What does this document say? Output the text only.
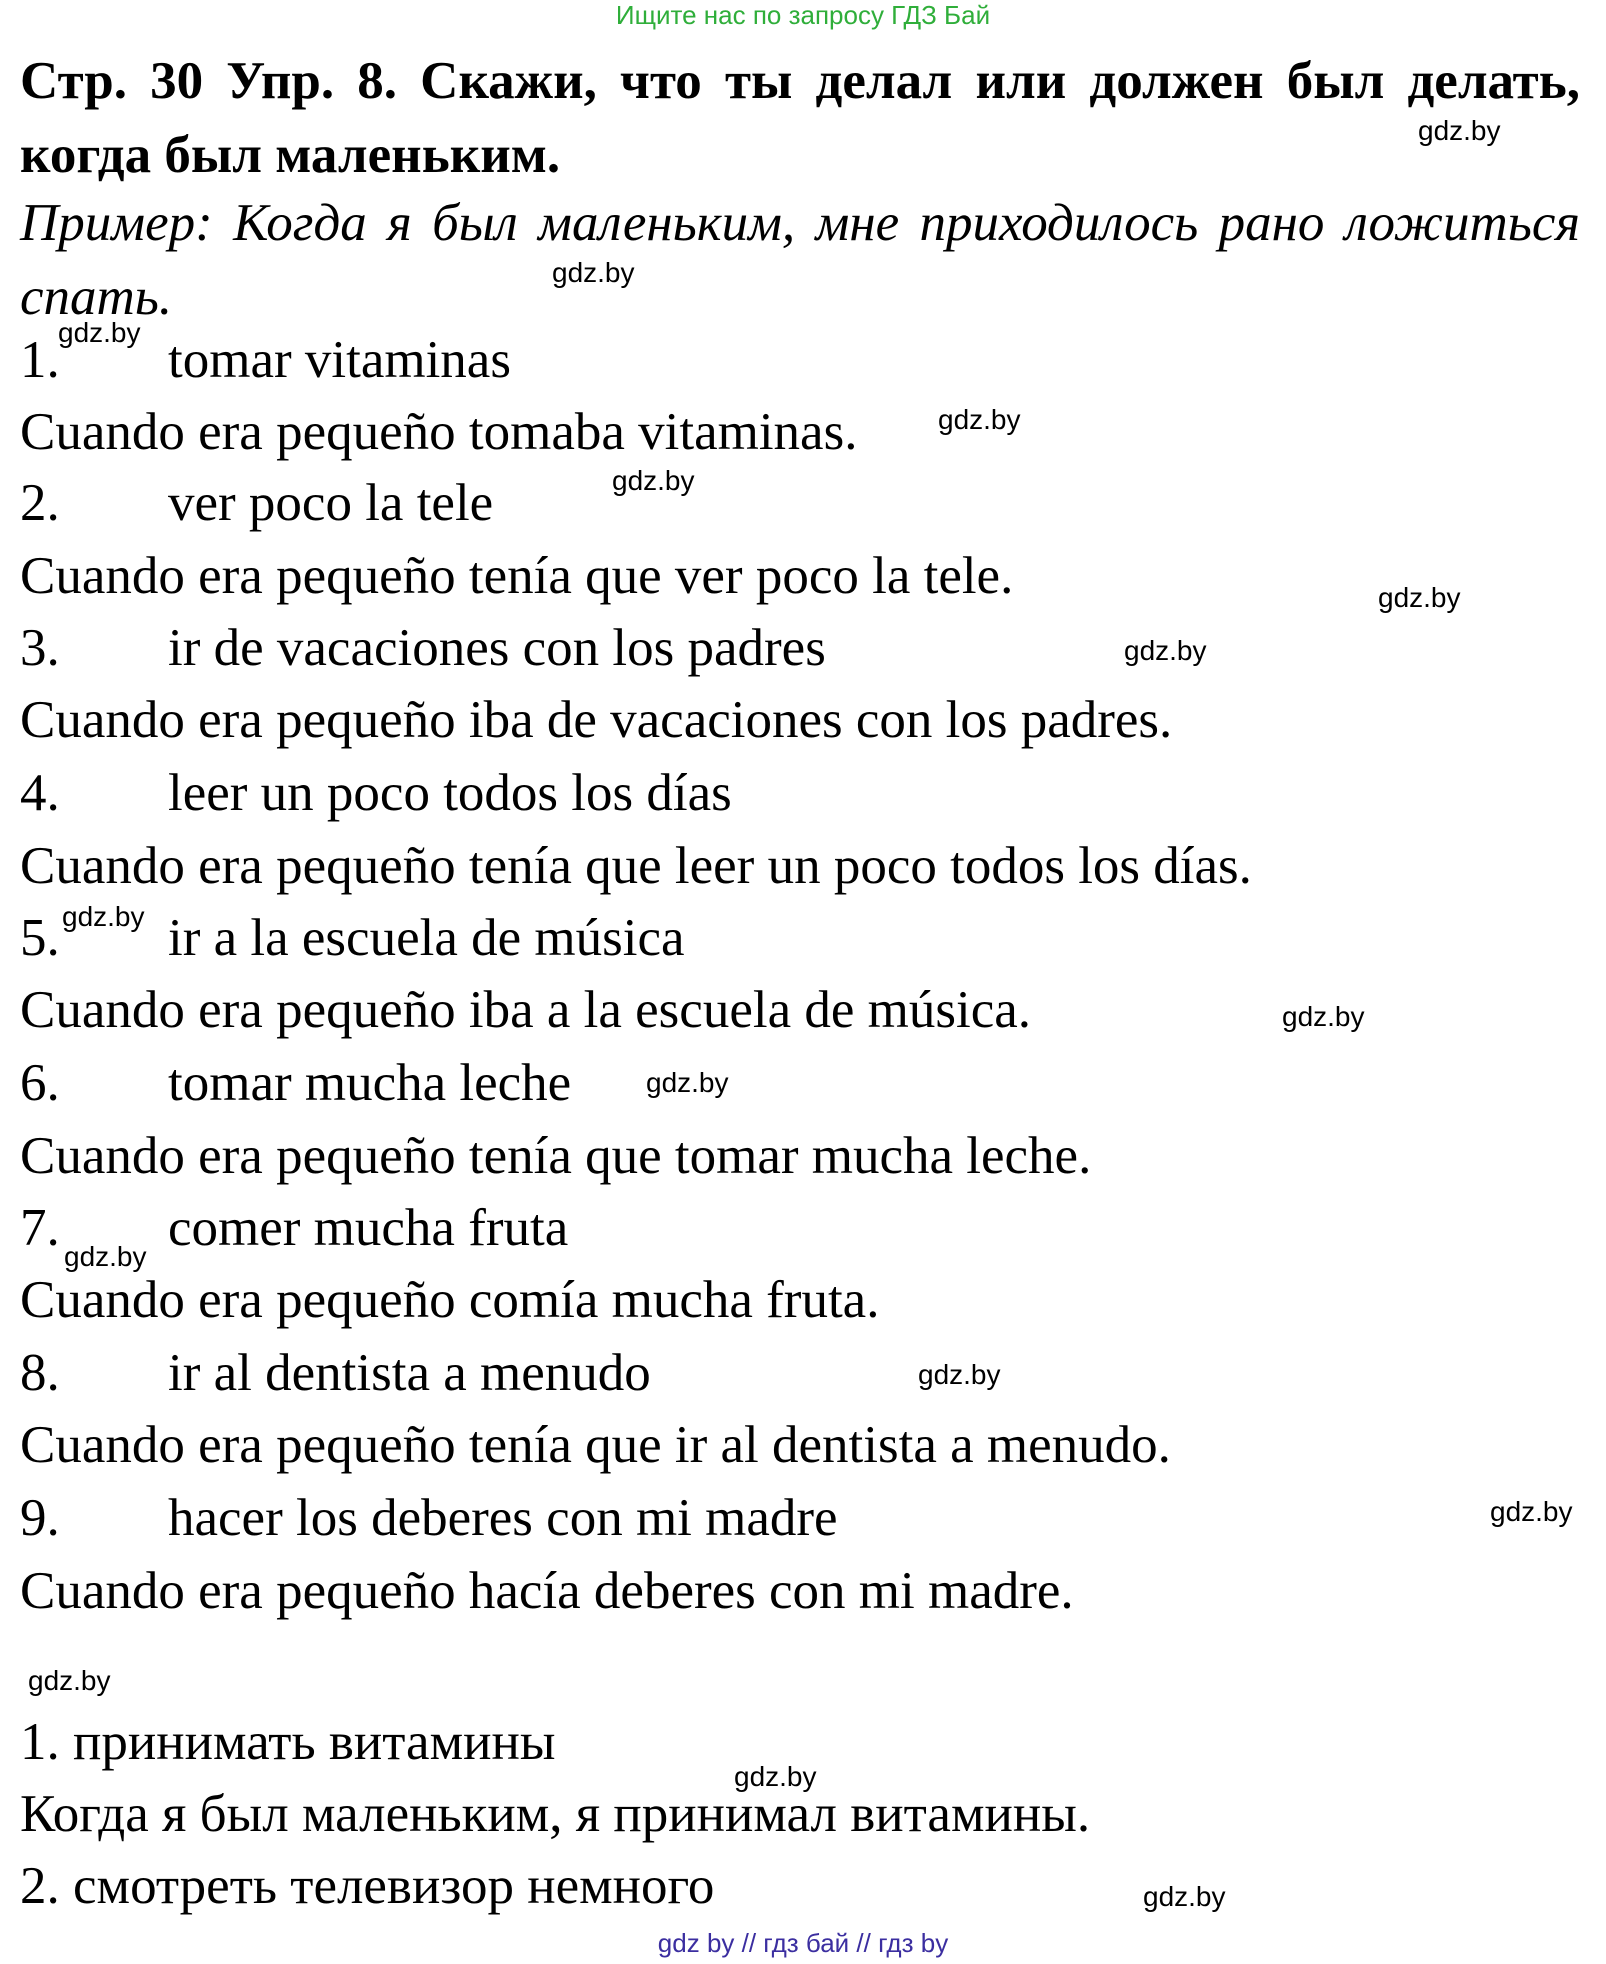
Ищите нас по запросу ГДЗ Бай
Стр. 30 Упр. 8. Скажи, что ты делал или должен был делать, когда был маленьким.
Пример: Когда я был маленьким, мне приходилось рано ложиться спать.
1. tomar vitaminas
Cuando era pequeño tomaba vitaminas.
2. ver poco la tele
Cuando era pequeño tenía que ver poco la tele.
3. ir de vacaciones con los padres
Cuando era pequeño iba de vacaciones con los padres.
4. leer un poco todos los días
Cuando era pequeño tenía que leer un poco todos los días.
5. ir a la escuela de música
Cuando era pequeño iba a la escuela de música.
6. tomar mucha leche
Cuando era pequeño tenía que tomar mucha leche.
7. comer mucha fruta
Cuando era pequeño comía mucha fruta.
8. ir al dentista a menudo
Cuando era pequeño tenía que ir al dentista a menudo.
9. hacer los deberes con mi madre
Cuando era pequeño hacía deberes con mi madre.
1. принимать витамины
Когда я был маленьким, я принимал витамины.
2. смотреть телевизор немного
gdz.by
gdz.by
gdz.by
gdz.by
gdz.by
gdz.by
gdz.by
gdz.by
gdz.by
gdz.by
gdz.by
gdz.by
gdz.by
gdz.by
gdz.by
gdz.by
gdz by // гдз бай // гдз by
